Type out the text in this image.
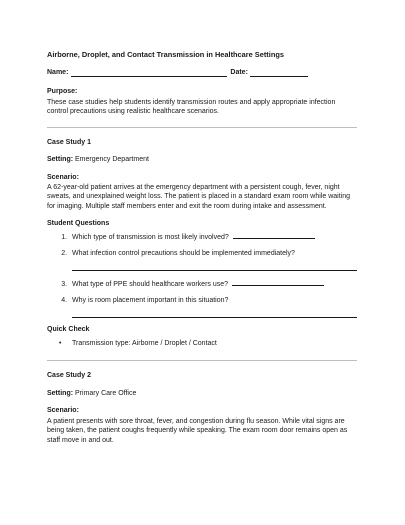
Airborne, Droplet, and Contact Transmission in Healthcare Settings
Name:	Date:
Purpose:

These case studies help students identify transmission routes and apply appropriate infection control precautions using realistic healthcare scenarios.

Case Study 1
Setting: Emergency Department
Scenario:

A 62-year-old patient arrives at the emergency department with a persistent cough, fever, night sweats, and unexplained weight loss. The patient is placed in a standard exam room while waiting for imaging. Multiple staff members enter and exit the room during intake and assessment.

Student Questions
1. Which type of transmission is most likely involved?
2. What infection control precautions should be implemented immediately?
3. What type of PPE should healthcare workers use?
4. Why is room placement important in this situation?
Quick Check
• Transmission type: Airborne / Droplet / Contact
Case Study 2
Setting: Primary Care Office
Scenario:

A patient presents with sore throat, fever, and congestion during flu season. While vital signs are being taken, the patient coughs frequently while speaking. The exam room door remains open as staff move in and out.
